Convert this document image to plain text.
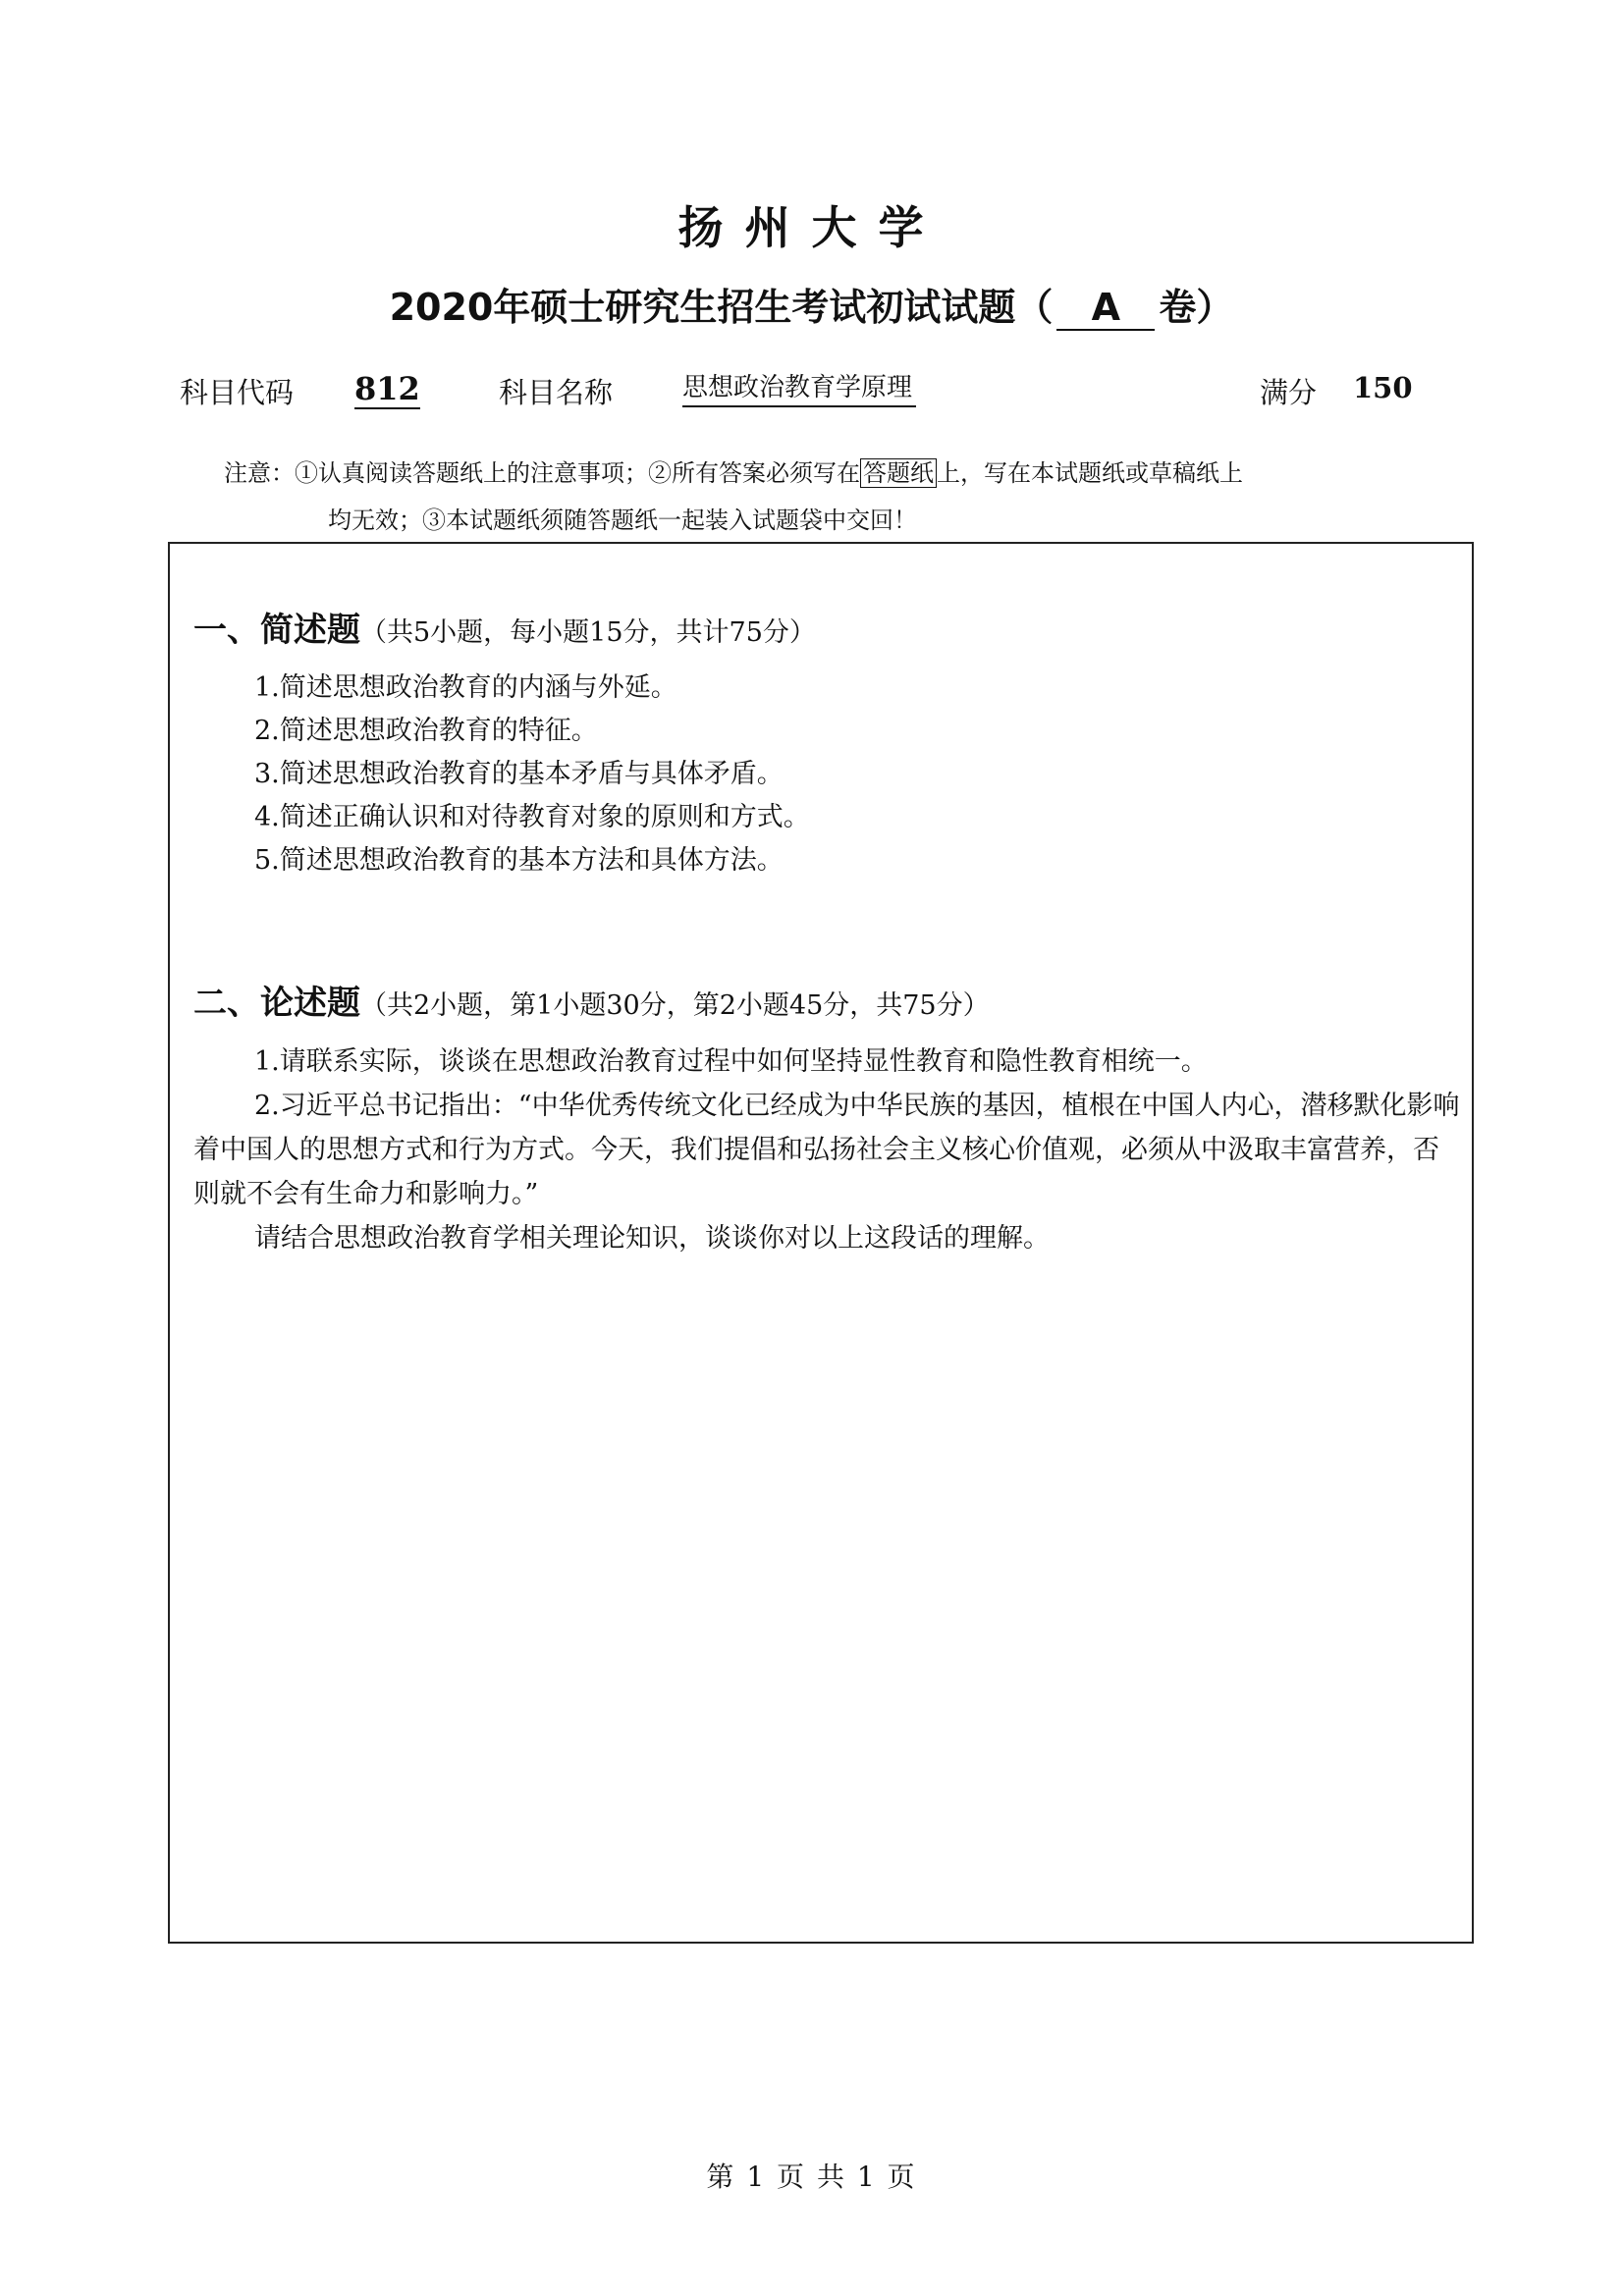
扬州大学
2020年硕士研究生招生考试初试试题（ A 卷）
科目代码 812	科目名称	思想政治教育学原理	满分 150
注意：①认真阅读答题纸上的注意事项；②所有答案必须写在 答题纸 上，写在本试题纸或草稿纸上
均无效；③本试题纸须随答题纸一起装入试题袋中交回！
一、简述题（共5小题，每小题15分，共计75分）
1.简述思想政治教育的内涵与外延。
2.简述思想政治教育的特征。
3.简述思想政治教育的基本矛盾与具体矛盾。
4.简述正确认识和对待教育对象的原则和方式。
5.简述思想政治教育的基本方法和具体方法。
二、论述题（共2小题，第1小题30分，第2小题45分，共75分）

1.请联系实际，谈谈在思想政治教育过程中如何坚持显性教育和隐性教育相统一。

2.习近平总书记指出：“中华优秀传统文化已经成为中华民族的基因，植根在中国人内心，潜移默化影响着中国人的思想方式和行为方式。今天，我们提倡和弘扬社会主义核心价值观，必须从中汲取丰富营养，否则就不会有生命力和影响力。”

请结合思想政治教育学相关理论知识，谈谈你对以上这段话的理解。

第 1 页 共 1 页
